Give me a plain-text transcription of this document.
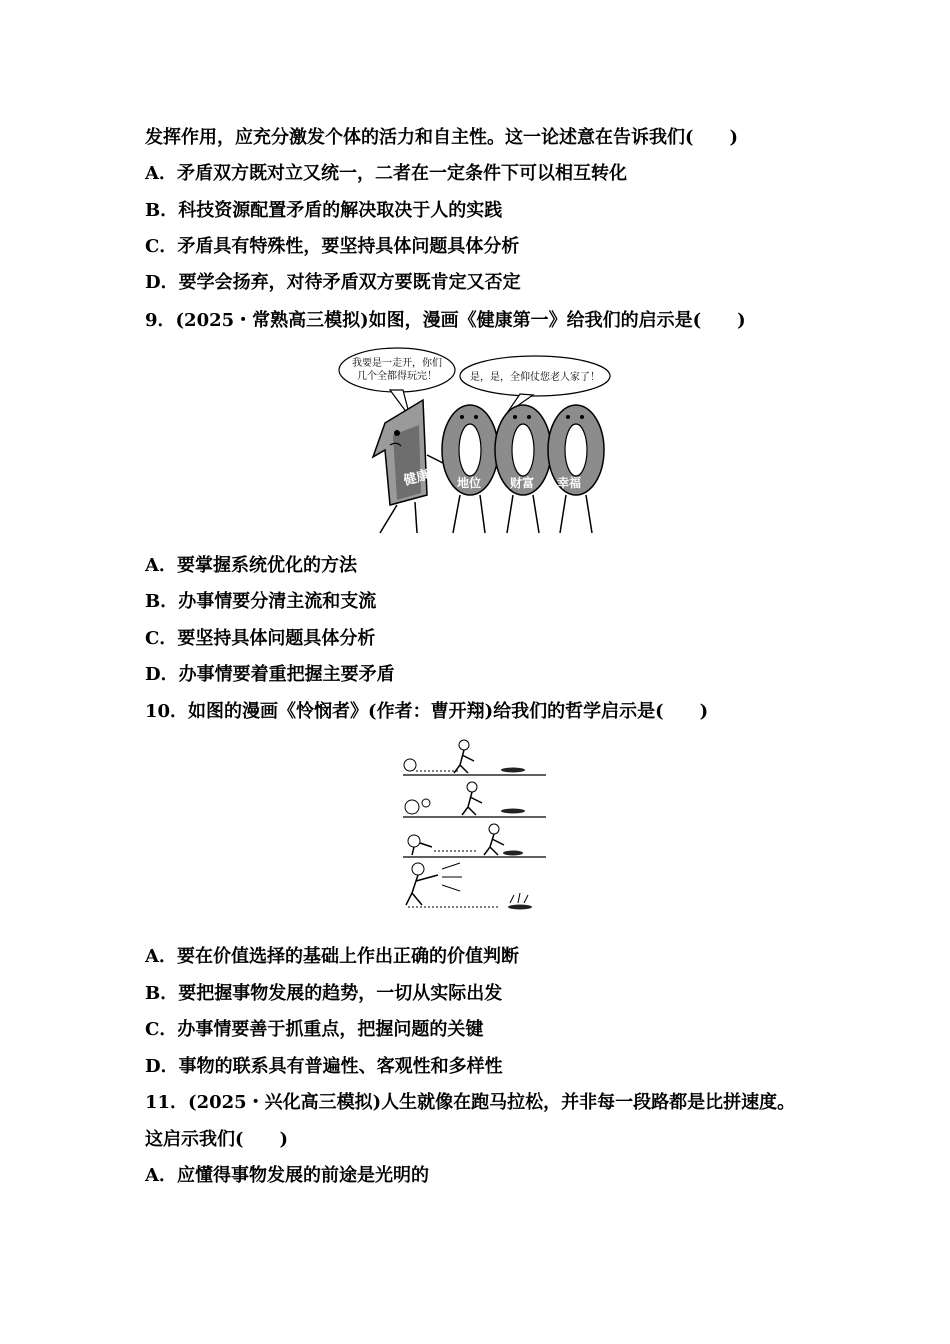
发挥作用，应充分激发个体的活力和自主性。这一论述意在告诉我们(　　)
A．矛盾双方既对立又统一，二者在一定条件下可以相互转化
B．科技资源配置矛盾的解决取决于人的实践
C．矛盾具有特殊性，要坚持具体问题具体分析
D．要学会扬弃，对待矛盾双方要既肯定又否定
9．(2025・常熟高三模拟)如图，漫画《健康第一》给我们的启示是(　　)
我要是一走开，你们
几个全都得玩完！	是，是，全仰仗您老人家了！
健康 地位 财富 幸福
A．要掌握系统优化的方法
B．办事情要分清主流和支流
C．要坚持具体问题具体分析
D．办事情要着重把握主要矛盾
10．如图的漫画《怜悯者》(作者：曹开翔)给我们的哲学启示是(　　)
A．要在价值选择的基础上作出正确的价值判断
B．要把握事物发展的趋势，一切从实际出发
C．办事情要善于抓重点，把握问题的关键
D．事物的联系具有普遍性、客观性和多样性
11．(2025・兴化高三模拟)人生就像在跑马拉松，并非每一段路都是比拼速度。
这启示我们(　　)
A．应懂得事物发展的前途是光明的
